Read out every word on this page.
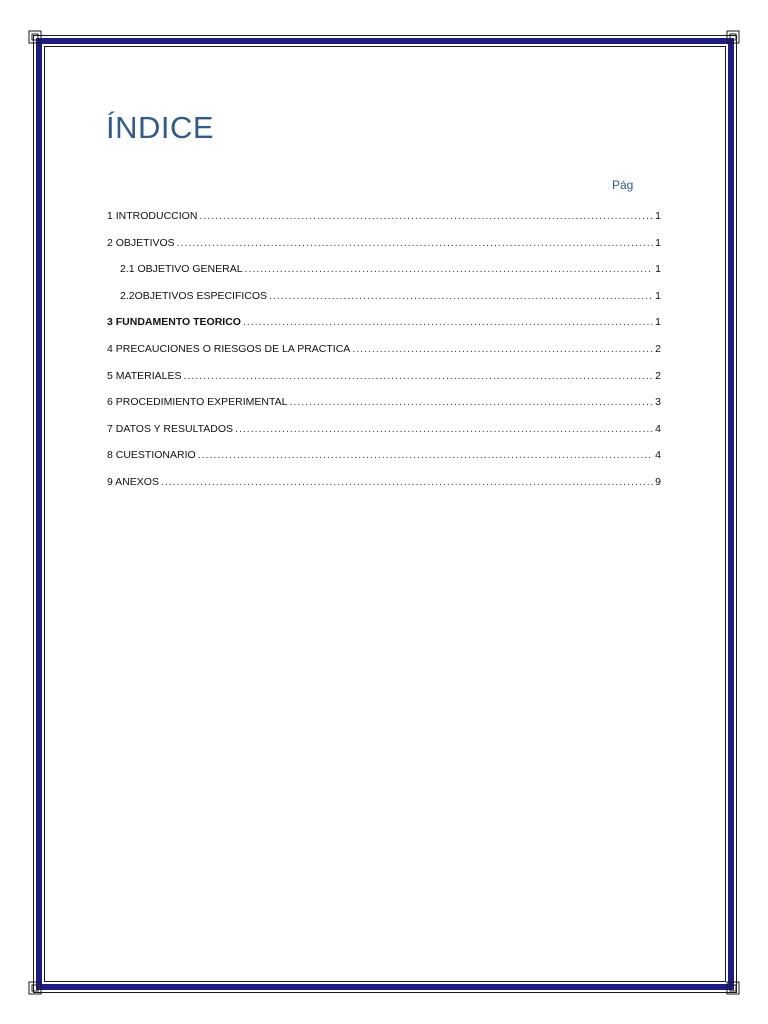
ÍNDICE
Pág
1 INTRODUCCION .....	1
2 OBJETIVOS .....	1
2.1 OBJETIVO GENERAL .....	1
2.2OBJETIVOS ESPECIFICOS .....	1
3 FUNDAMENTO TEORICO .....	1
4 PRECAUCIONES O RIESGOS DE LA PRACTICA .....	2
5 MATERIALES .....	2
6 PROCEDIMIENTO EXPERIMENTAL .....	3
7 DATOS Y RESULTADOS .....	4
8 CUESTIONARIO .....	4
9 ANEXOS .....	9
